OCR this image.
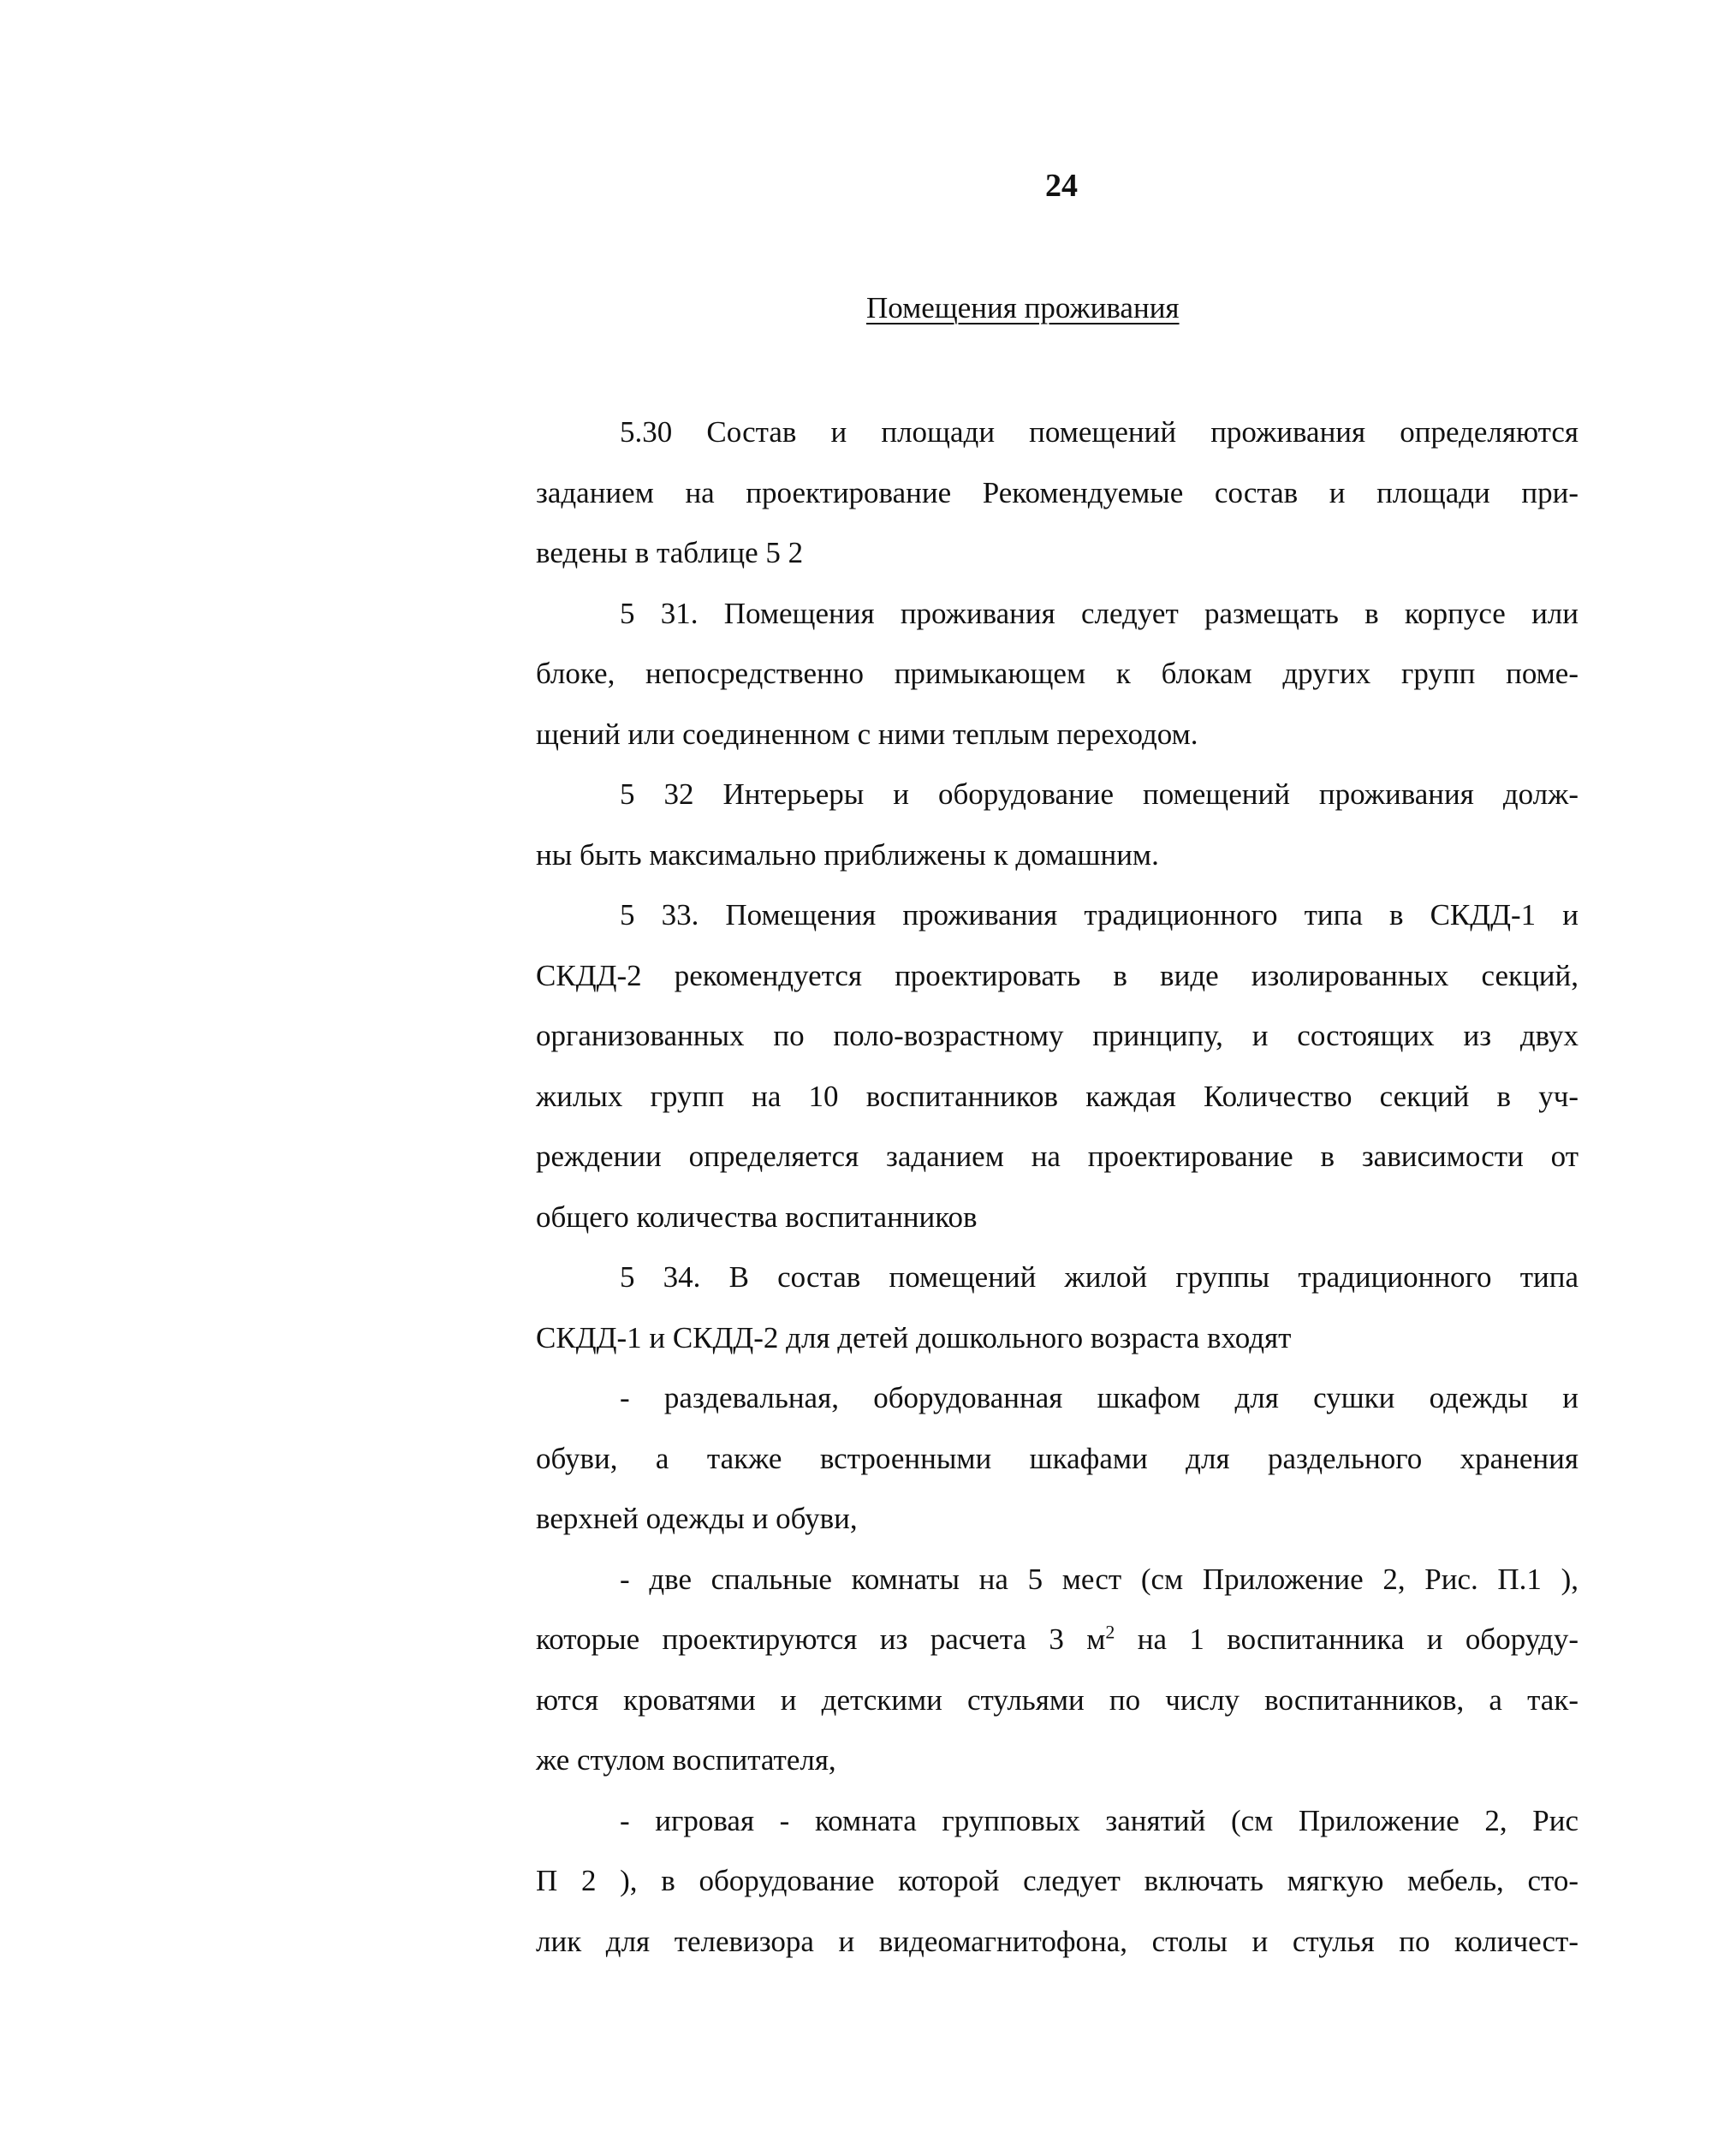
24
Помещения проживания

5.30 Состав и площади помещений проживания определяются
заданием на проектирование Рекомендуемые состав и площади при-
ведены в таблице 5 2

5 31. Помещения проживания следует размещать в корпусе или
блоке, непосредственно примыкающем к блокам других групп поме-
щений или соединенном с ними теплым переходом.

5 32 Интерьеры и оборудование помещений проживания долж-
ны быть максимально приближены к домашним.

5 33. Помещения проживания традиционного типа в СКДД-1 и
СКДД-2 рекомендуется проектировать в виде изолированных секций,
организованных по поло-возрастному принципу, и состоящих из двух
жилых групп на 10 воспитанников каждая Количество секций в уч-
реждении определяется заданием на проектирование в зависимости от
общего количества воспитанников

5 34. В состав помещений жилой группы традиционного типа
СКДД-1 и СКДД-2 для детей дошкольного возраста входят

- раздевальная, оборудованная шкафом для сушки одежды и
обуви, а также встроенными шкафами для раздельного хранения
верхней одежды и обуви,

- две спальные комнаты на 5 мест (см Приложение 2, Рис. П.1 ),
которые проектируются из расчета 3 $м^2$ на 1 воспитанника и оборуду-
ются кроватями и детскими стульями по числу воспитанников, а так-
же стулом воспитателя,

- игровая - комната групповых занятий (см Приложение 2, Рис
П 2 ), в оборудование которой следует включать мягкую мебель, сто-
лик для телевизора и видеомагнитофона, столы и стулья по количест-
